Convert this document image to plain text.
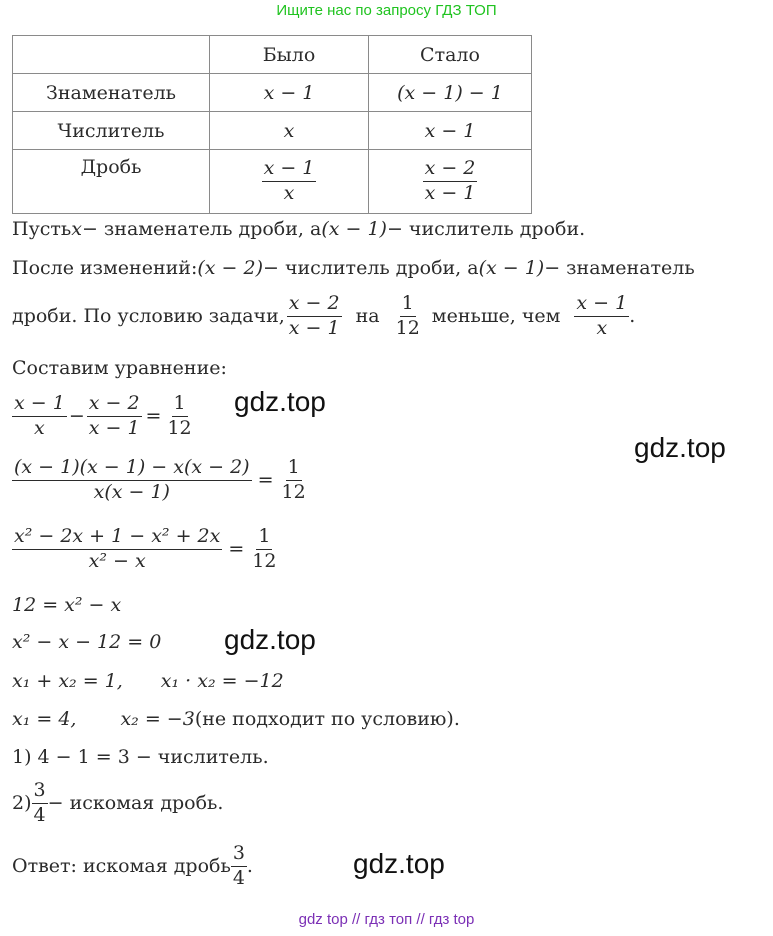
Ищите нас по запросу ГДЗ ТОП
	Было	Стало
Знаменатель	x − 1	(x − 1) − 1
Числитель	x	x − 1
Дробь	$\frac{x - 1}{x}$	$\frac{x - 2}{x - 1}$
Пусть x − знаменатель дроби, а (x − 1) − числитель дроби.
После изменений: (x − 2) − числитель дроби, а (x − 1) − знаменатель
дроби. По условию задачи, $\frac{x - 2}{x - 1}$ на $\frac{1}{12}$ меньше, чем $\frac{x - 1}{x}$ .
Составим уравнение:
$\frac{x - 1}{x} - \frac{x - 2}{x - 1} = \frac{1}{12}$
$\frac{(x - 1)(x - 1) - x(x - 2)}{x(x - 1)} = \frac{1}{12}$
$\frac{\text{x² − 2x + 1 − x² + 2x}}{\text{x² − x}} = \frac{1}{12}$
12 = x² − x
x² − x − 12 = 0
x₁ + x₂ = 1, x₁ · x₂ = −12
x₁ = 4, x₂ = −3 (не подходит по условию).
1) 4 − 1 = 3 − числитель.
$2) \frac{3}{4}$ − искомая дробь.
Ответ: искомая дробь $\frac{3}{4}$ .
gdz.top
gdz.top
gdz.top
gdz.top
gdz top // гдз топ // гдз top
